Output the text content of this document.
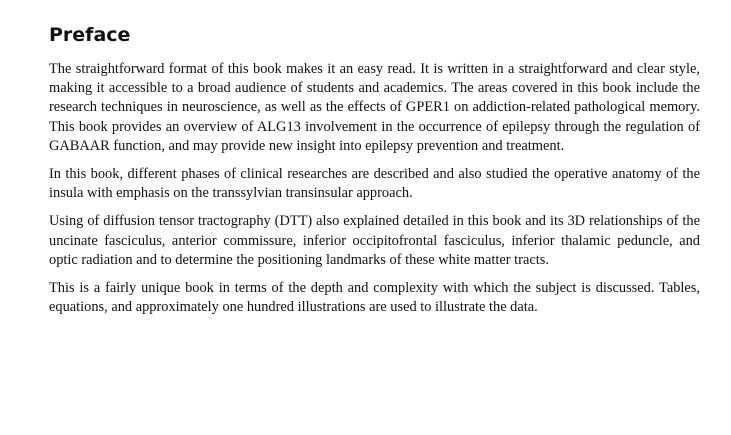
Preface

The straightforward format of this book makes it an easy read. It is written in a straightforward and clear style, making it accessible to a broad audience of students and academics. The areas covered in this book include the research techniques in neuroscience, as well as the effects of GPER1 on addiction-related pathological memory. This book provides an overview of ALG13 involvement in the occurrence of epilepsy through the regulation of GABAAR function, and may provide new insight into epilepsy prevention and treatment.

In this book, different phases of clinical researches are described and also studied the operative anatomy of the insula with emphasis on the transsylvian transinsular approach.

Using of diffusion tensor tractography (DTT) also explained detailed in this book and its 3D relationships of the uncinate fasciculus, anterior commissure, inferior occipitofrontal fasciculus, inferior thalamic peduncle, and optic radiation and to determine the positioning landmarks of these white matter tracts.

This is a fairly unique book in terms of the depth and complexity with which the subject is discussed. Tables, equations, and approximately one hundred illustrations are used to illustrate the data.
